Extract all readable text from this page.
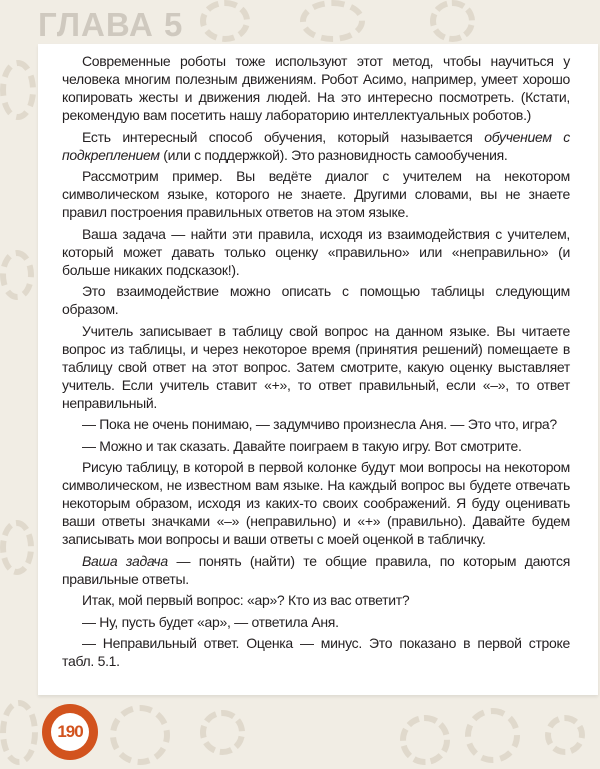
ГЛАВА 5

Современные роботы тоже используют этот метод, чтобы научиться у человека многим полезным движениям. Робот Асимо, например, умеет хорошо копировать жесты и движения людей. На это интересно посмотреть. (Кстати, рекомендую вам посетить нашу лабораторию интеллектуальных роботов.)

Есть интересный способ обучения, который называется обучением с подкреплением (или с поддержкой). Это разновидность самообучения.

Рассмотрим пример. Вы ведёте диалог с учителем на некотором символическом языке, которого не знаете. Другими словами, вы не знаете правил построения правильных ответов на этом языке.

Ваша задача — найти эти правила, исходя из взаимодействия с учителем, который может давать только оценку «правильно» или «неправильно» (и больше никаких подсказок!).

Это взаимодействие можно описать с помощью таблицы следующим образом.

Учитель записывает в таблицу свой вопрос на данном языке. Вы читаете вопрос из таблицы, и через некоторое время (принятия решений) помещаете в таблицу свой ответ на этот вопрос. Затем смотрите, какую оценку выставляет учитель. Если учитель ставит «+», то ответ правильный, если «–», то ответ неправильный.

— Пока не очень понимаю, — задумчиво произнесла Аня. — Это что, игра?

— Можно и так сказать. Давайте поиграем в такую игру. Вот смотрите.

Рисую таблицу, в которой в первой колонке будут мои вопросы на некотором символическом, не известном вам языке. На каждый вопрос вы будете отвечать некоторым образом, исходя из каких-то своих соображений. Я буду оценивать ваши ответы значками «–» (неправильно) и «+» (правильно). Давайте будем записывать мои вопросы и ваши ответы с моей оценкой в табличку.

Ваша задача — понять (найти) те общие правила, по которым даются правильные ответы.

Итак, мой первый вопрос: «ар»? Кто из вас ответит?

— Ну, пусть будет «ар», — ответила Аня.

— Неправильный ответ. Оценка — минус. Это показано в первой строке табл. 5.1.

190
